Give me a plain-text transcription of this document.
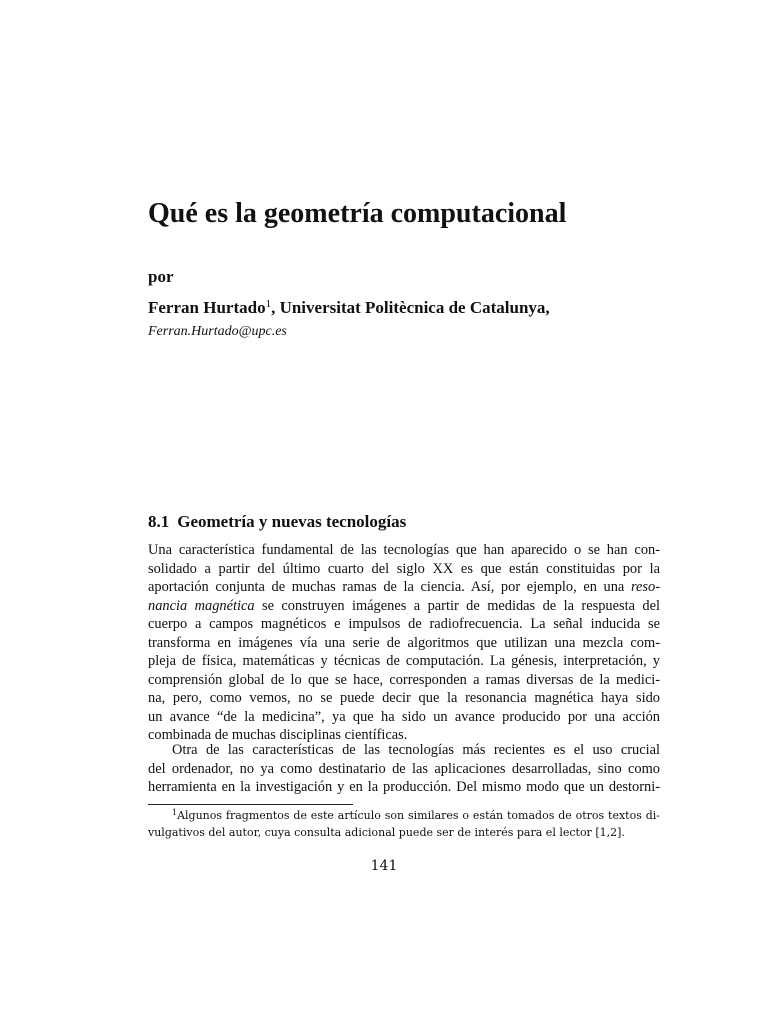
Qué es la geometría computacional
por
Ferran Hurtado$^1$, Universitat Politècnica de Catalunya,
Ferran.Hurtado@upc.es
8.1 Geometría y nuevas tecnologías
Una característica fundamental de las tecnologías que han aparecido o se han con-
solidado a partir del último cuarto del siglo XX es que están constituidas por la
aportación conjunta de muchas ramas de la ciencia. Así, por ejemplo, en una reso-
nancia magnética se construyen imágenes a partir de medidas de la respuesta del
cuerpo a campos magnéticos e impulsos de radiofrecuencia. La señal inducida se
transforma en imágenes vía una serie de algoritmos que utilizan una mezcla com-
pleja de física, matemáticas y técnicas de computación. La génesis, interpretación, y
comprensión global de lo que se hace, corresponden a ramas diversas de la medici-
na, pero, como vemos, no se puede decir que la resonancia magnética haya sido
un avance “de la medicina”, ya que ha sido un avance producido por una acción
combinada de muchas disciplinas científicas.
Otra de las características de las tecnologías más recientes es el uso crucial
del ordenador, no ya como destinatario de las aplicaciones desarrolladas, sino como
herramienta en la investigación y en la producción. Del mismo modo que un destorni-
$^1$Algunos fragmentos de este artículo son similares o están tomados de otros textos di-
vulgativos del autor, cuya consulta adicional puede ser de interés para el lector [1,2].
141
